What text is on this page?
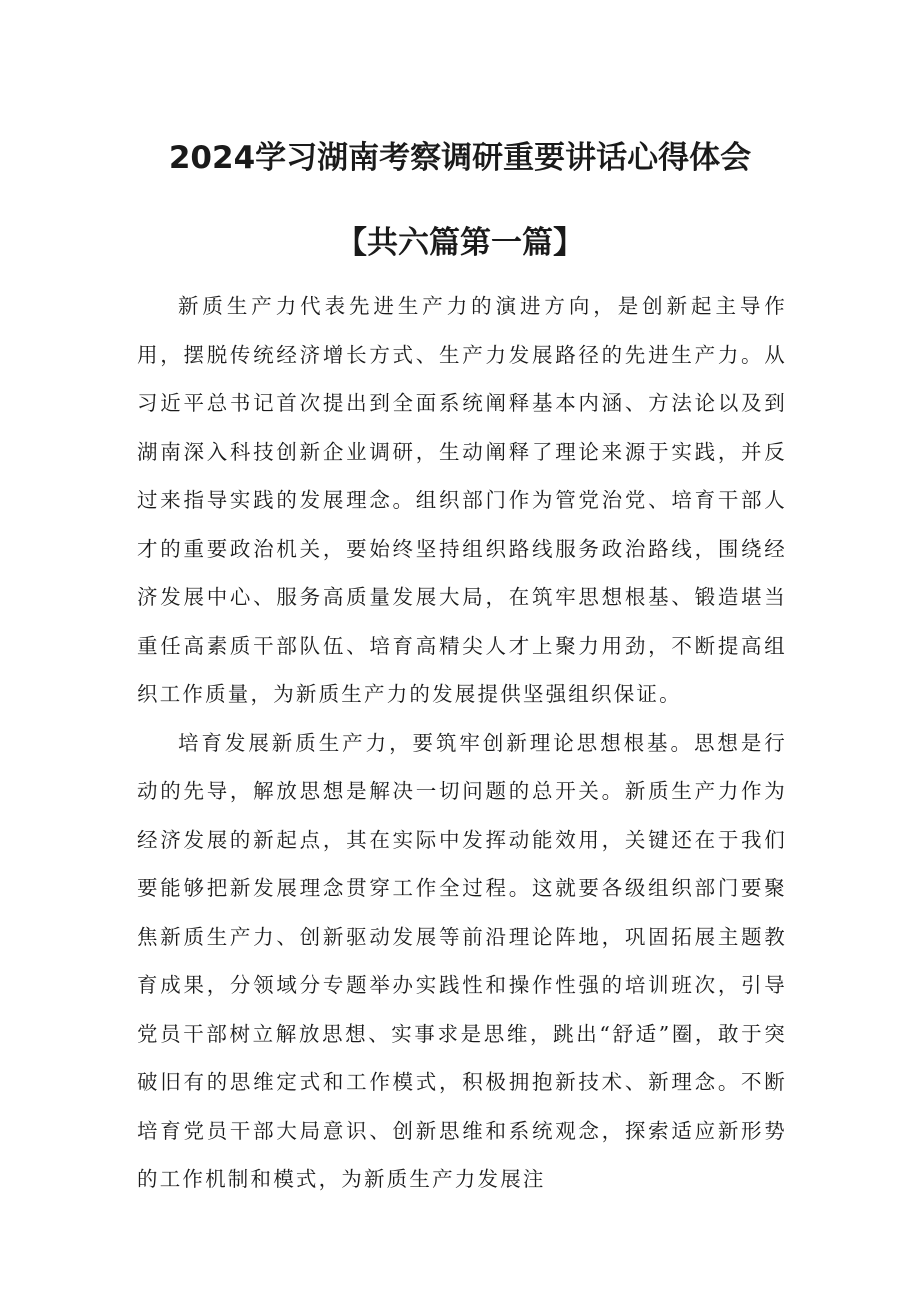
2024学习湖南考察调研重要讲话心得体会
【共六篇第一篇】

新质生产力代表先进生产力的演进方向，是创新起主导作用，摆脱传统经济增长方式、生产力发展路径的先进生产力。从习近平总书记首次提出到全面系统阐释基本内涵、方法论以及到湖南深入科技创新企业调研，生动阐释了理论来源于实践，并反过来指导实践的发展理念。组织部门作为管党治党、培育干部人才的重要政治机关，要始终坚持组织路线服务政治路线，围绕经济发展中心、服务高质量发展大局，在筑牢思想根基、锻造堪当重任高素质干部队伍、培育高精尖人才上聚力用劲，不断提高组织工作质量，为新质生产力的发展提供坚强组织保证。

培育发展新质生产力，要筑牢创新理论思想根基。思想是行动的先导，解放思想是解决一切问题的总开关。新质生产力作为经济发展的新起点，其在实际中发挥动能效用，关键还在于我们要能够把新发展理念贯穿工作全过程。这就要各级组织部门要聚焦新质生产力、创新驱动发展等前沿理论阵地，巩固拓展主题教育成果，分领域分专题举办实践性和操作性强的培训班次，引导党员干部树立解放思想、实事求是思维，跳出“舒适”圈，敢于突破旧有的思维定式和工作模式，积极拥抱新技术、新理念。不断培育党员干部大局意识、创新思维和系统观念，探索适应新形势的工作机制和模式，为新质生产力发展注
